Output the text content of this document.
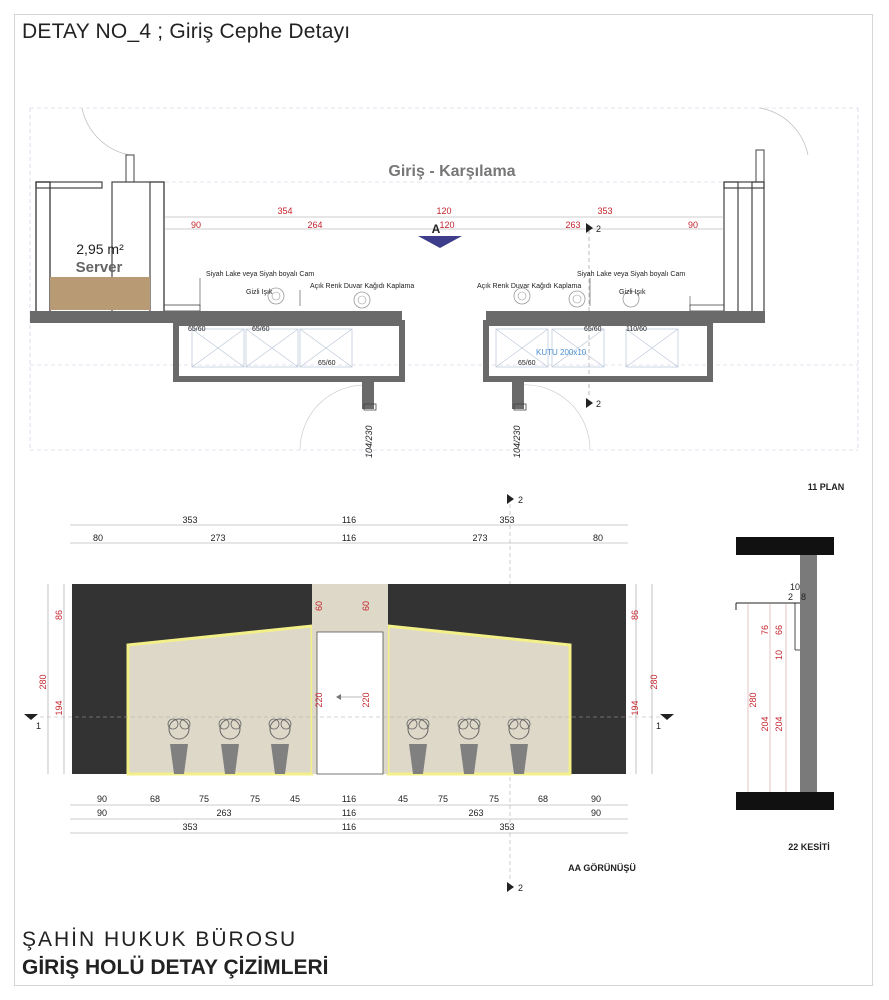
DETAY NO_4 ; Giriş Cephe Detayı
2,95 m²
Server
Giriş - Karşılama
90
354	120	353
90
264	120	263
A	2
2
Siyah Lake veya Siyah boyalı Cam
Gizli Işık
Açık Renk Duvar Kağıdı Kaplama	Açık Renk Duvar Kağıdı Kaplama
Siyah Lake veya Siyah boyalı Cam
Gizli Işık
65/60	65/60
65/60
65/60	110/60
65/60
KUTU 200x10
104/230	104/230
11 PLAN
2
2
353	116	353
80	273	116	273	80
60	60
220	220
86
280
194
86
280
194
1	1
90	68	75	75	45	116	45	75	75	68	90
90	263	116	263	90
353	116	353
AA GÖRÜNÜŞÜ
10
2 8
76 66
10
280
204 204
22 KESİTİ
ŞAHİN HUKUK BÜROSU
GİRİŞ HOLÜ DETAY ÇİZİMLERİ
